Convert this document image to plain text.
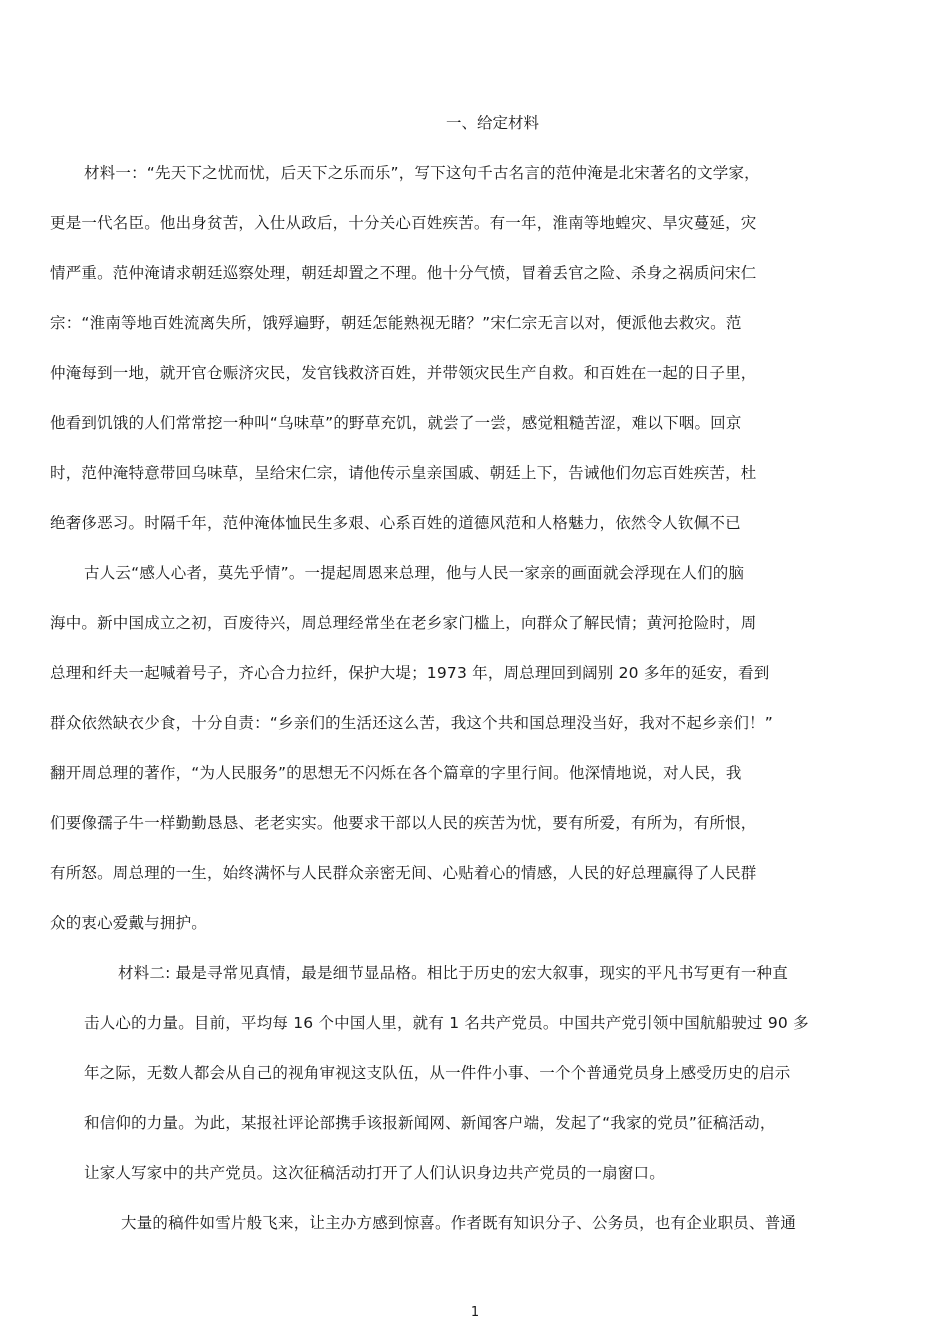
一、给定材料
材料一：“先天下之忧而忧，后天下之乐而乐”，写下这句千古名言的范仲淹是北宋著名的文学家，
更是一代名臣。他出身贫苦，入仕从政后，十分关心百姓疾苦。有一年，淮南等地蝗灾、旱灾蔓延，灾
情严重。范仲淹请求朝廷巡察处理，朝廷却置之不理。他十分气愤，冒着丢官之险、杀身之祸质问宋仁
宗：“淮南等地百姓流离失所，饿殍遍野，朝廷怎能熟视无睹？”宋仁宗无言以对，便派他去救灾。范
仲淹每到一地，就开官仓赈济灾民，发官钱救济百姓，并带领灾民生产自救。和百姓在一起的日子里，
他看到饥饿的人们常常挖一种叫“乌味草”的野草充饥，就尝了一尝，感觉粗糙苦涩，难以下咽。回京
时，范仲淹特意带回乌味草，呈给宋仁宗，请他传示皇亲国戚、朝廷上下，告诫他们勿忘百姓疾苦，杜
绝奢侈恶习。时隔千年，范仲淹体恤民生多艰、心系百姓的道德风范和人格魅力，依然令人钦佩不已
古人云“感人心者，莫先乎情”。一提起周恩来总理，他与人民一家亲的画面就会浮现在人们的脑
海中。新中国成立之初，百废待兴，周总理经常坐在老乡家门槛上，向群众了解民情；黄河抢险时，周
总理和纤夫一起喊着号子，齐心合力拉纤，保护大堤；1973 年，周总理回到阔别 20 多年的延安，看到
群众依然缺衣少食，十分自责：“乡亲们的生活还这么苦，我这个共和国总理没当好，我对不起乡亲们！”
翻开周总理的著作，“为人民服务”的思想无不闪烁在各个篇章的字里行间。他深情地说，对人民，我
们要像孺子牛一样勤勤恳恳、老老实实。他要求干部以人民的疾苦为忧，要有所爱，有所为，有所恨，
有所怒。周总理的一生，始终满怀与人民群众亲密无间、心贴着心的情感，人民的好总理赢得了人民群
众的衷心爱戴与拥护。
材料二: 最是寻常见真情，最是细节显品格。相比于历史的宏大叙事，现实的平凡书写更有一种直
击人心的力量。目前，平均每 16 个中国人里，就有 1 名共产党员。中国共产党引领中国航船驶过 90 多
年之际，无数人都会从自己的视角审视这支队伍，从一件件小事、一个个普通党员身上感受历史的启示
和信仰的力量。为此，某报社评论部携手该报新闻网、新闻客户端，发起了“我家的党员”征稿活动，
让家人写家中的共产党员。这次征稿活动打开了人们认识身边共产党员的一扇窗口。
大量的稿件如雪片般飞来，让主办方感到惊喜。作者既有知识分子、公务员，也有企业职员、普通
1
